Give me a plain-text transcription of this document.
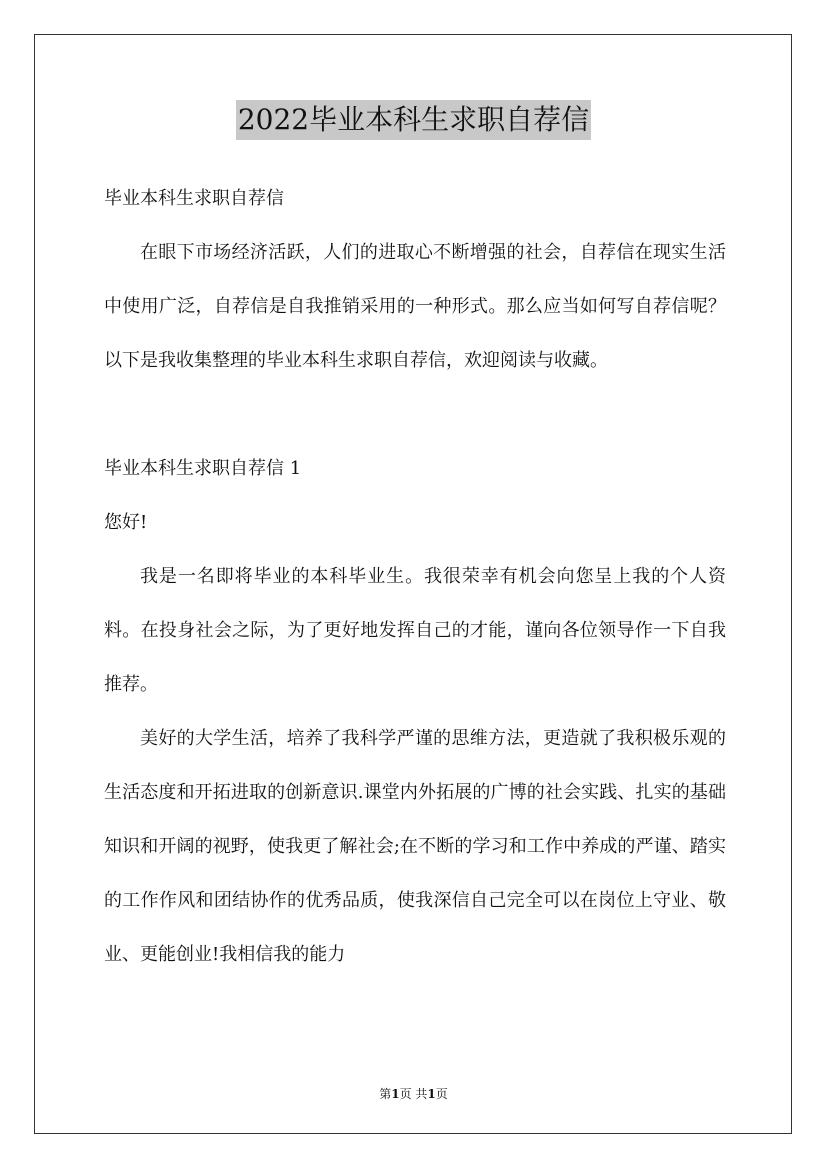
2022毕业本科生求职自荐信

毕业本科生求职自荐信

在眼下市场经济活跃，人们的进取心不断增强的社会，自荐信在现实生活中使用广泛，自荐信是自我推销采用的一种形式。那么应当如何写自荐信呢？以下是我收集整理的毕业本科生求职自荐信，欢迎阅读与收藏。

毕业本科生求职自荐信 1

您好!

我是一名即将毕业的本科毕业生。我很荣幸有机会向您呈上我的个人资料。在投身社会之际，为了更好地发挥自己的才能，谨向各位领导作一下自我推荐。

美好的大学生活，培养了我科学严谨的思维方法，更造就了我积极乐观的生活态度和开拓进取的创新意识.课堂内外拓展的广博的社会实践、扎实的基础知识和开阔的视野，使我更了解社会;在不断的学习和工作中养成的严谨、踏实的工作作风和团结协作的优秀品质，使我深信自己完全可以在岗位上守业、敬业、更能创业!我相信我的能力

第1页 共1页
